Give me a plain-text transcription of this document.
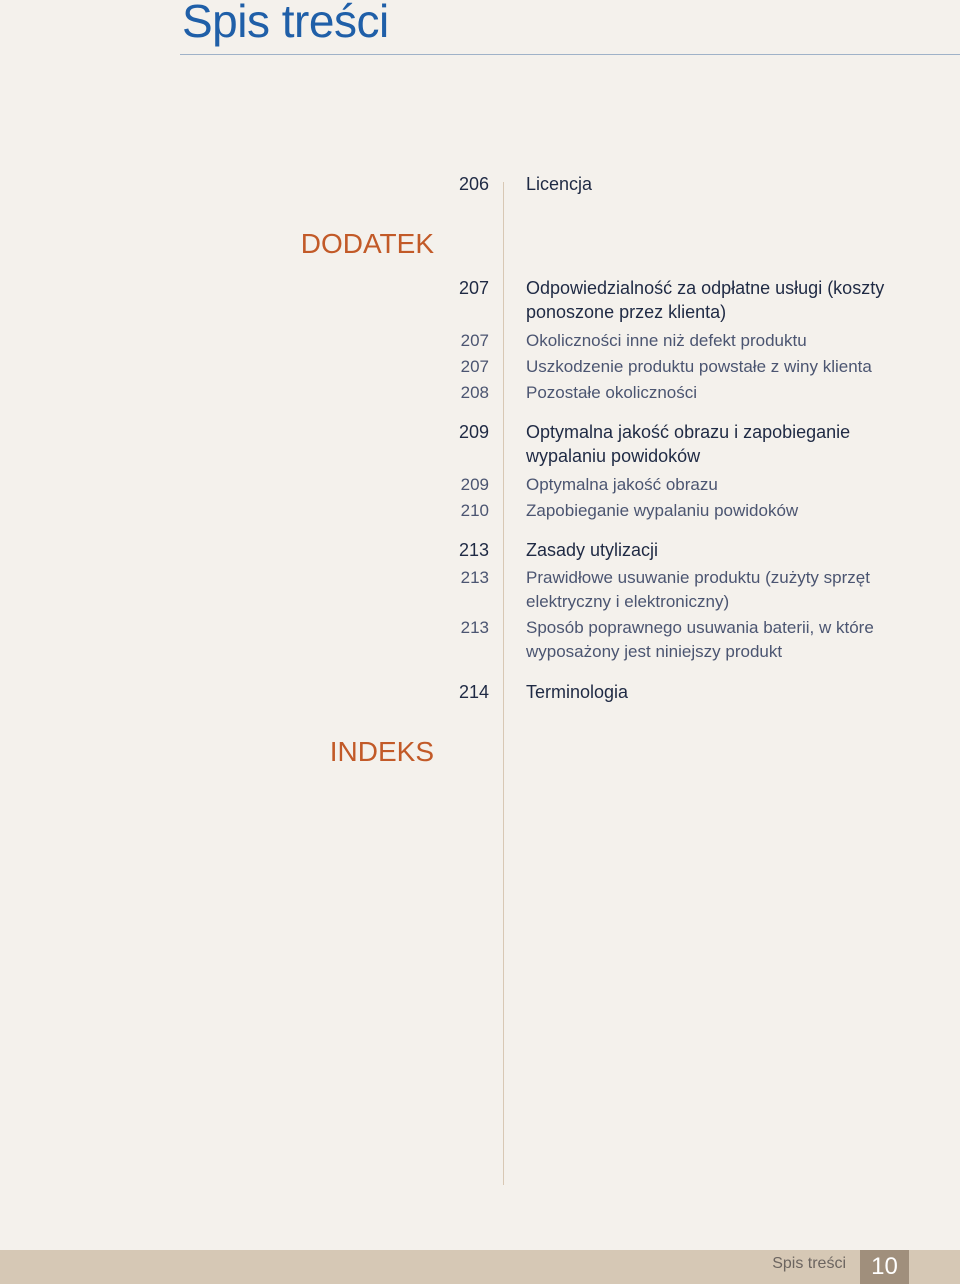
Spis treści
206 Licencja
DODATEK
207 Odpowiedzialność za odpłatne usługi (koszty ponoszone przez klienta)
207 Okoliczności inne niż defekt produktu
207 Uszkodzenie produktu powstałe z winy klienta
208 Pozostałe okoliczności
209 Optymalna jakość obrazu i zapobieganie wypalaniu powidoków
209 Optymalna jakość obrazu
210 Zapobieganie wypalaniu powidoków
213 Zasady utylizacji
213 Prawidłowe usuwanie produktu (zużyty sprzęt elektryczny i elektroniczny)
213 Sposób poprawnego usuwania baterii, w które wyposażony jest niniejszy produkt
214 Terminologia
INDEKS
Spis treści	10
